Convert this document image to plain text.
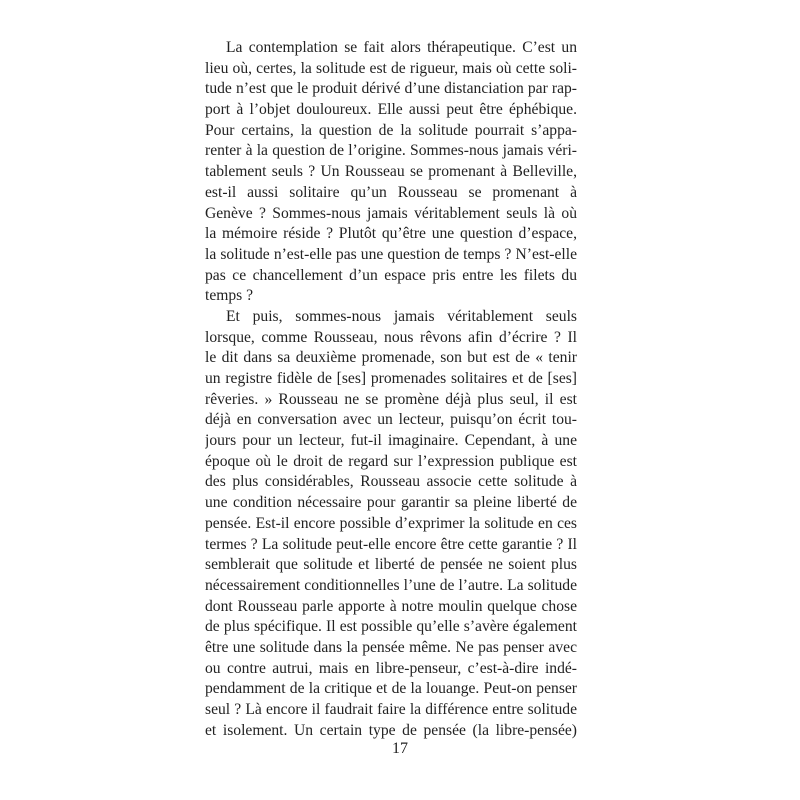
La contemplation se fait alors thérapeutique. C’est un
lieu où, certes, la solitude est de rigueur, mais où cette soli-
tude n’est que le produit dérivé d’une distanciation par rap-
port à l’objet douloureux. Elle aussi peut être éphébique.
Pour certains, la question de la solitude pourrait s’appa-
renter à la question de l’origine. Sommes-nous jamais véri-
tablement seuls ? Un Rousseau se promenant à Belleville,
est-il aussi solitaire qu’un Rousseau se promenant à
Genève ? Sommes-nous jamais véritablement seuls là où
la mémoire réside ? Plutôt qu’être une question d’espace,
la solitude n’est-elle pas une question de temps ? N’est-elle
pas ce chancellement d’un espace pris entre les filets du
temps ?
Et puis, sommes-nous jamais véritablement seuls
lorsque, comme Rousseau, nous rêvons afin d’écrire ? Il
le dit dans sa deuxième promenade, son but est de « tenir
un registre fidèle de [ses] promenades solitaires et de [ses]
rêveries. » Rousseau ne se promène déjà plus seul, il est
déjà en conversation avec un lecteur, puisqu’on écrit tou-
jours pour un lecteur, fut-il imaginaire. Cependant, à une
époque où le droit de regard sur l’expression publique est
des plus considérables, Rousseau associe cette solitude à
une condition nécessaire pour garantir sa pleine liberté de
pensée. Est-il encore possible d’exprimer la solitude en ces
termes ? La solitude peut-elle encore être cette garantie ? Il
semblerait que solitude et liberté de pensée ne soient plus
nécessairement conditionnelles l’une de l’autre. La solitude
dont Rousseau parle apporte à notre moulin quelque chose
de plus spécifique. Il est possible qu’elle s’avère également
être une solitude dans la pensée même. Ne pas penser avec
ou contre autrui, mais en libre-penseur, c’est-à-dire indé-
pendamment de la critique et de la louange. Peut-on penser
seul ? Là encore il faudrait faire la différence entre solitude
et isolement. Un certain type de pensée (la libre-pensée)
17
